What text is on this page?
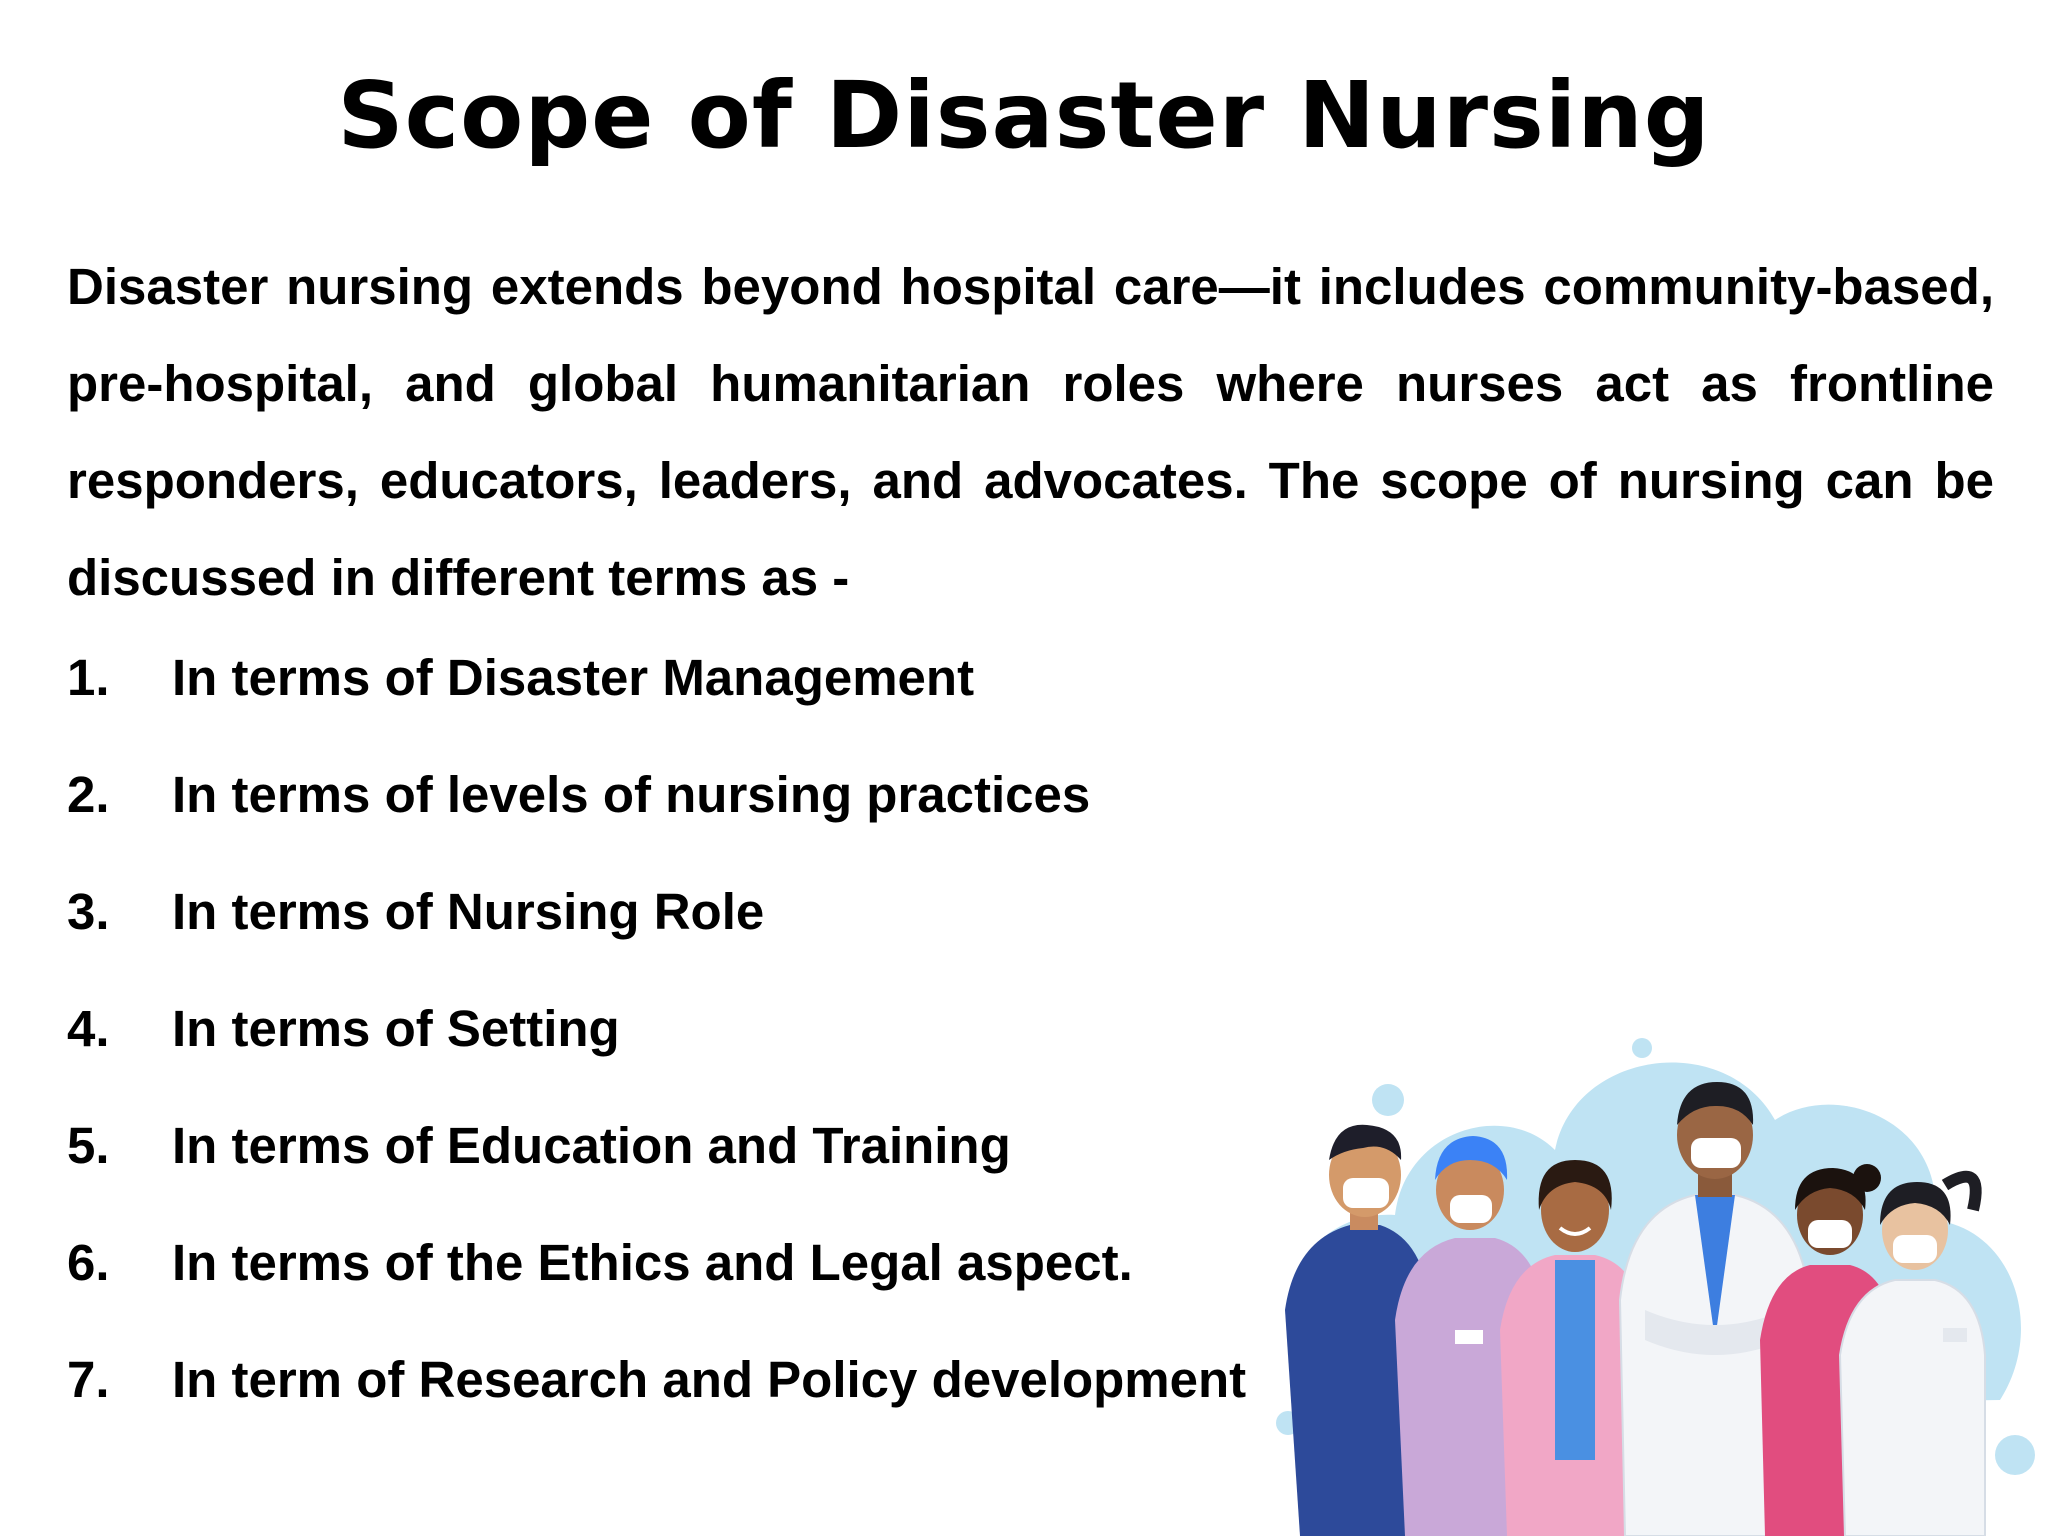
Scope of Disaster Nursing

Disaster nursing extends beyond hospital care—it includes community-based, pre-hospital, and global humanitarian roles where nurses act as frontline responders, educators, leaders, and advocates. The scope of nursing can be discussed in different terms as -

1. In terms of Disaster Management
2. In terms of levels of nursing practices
3. In terms of Nursing Role
4. In terms of Setting
5. In terms of Education and Training
6. In terms of the Ethics and Legal aspect.
7. In term of Research and Policy development
